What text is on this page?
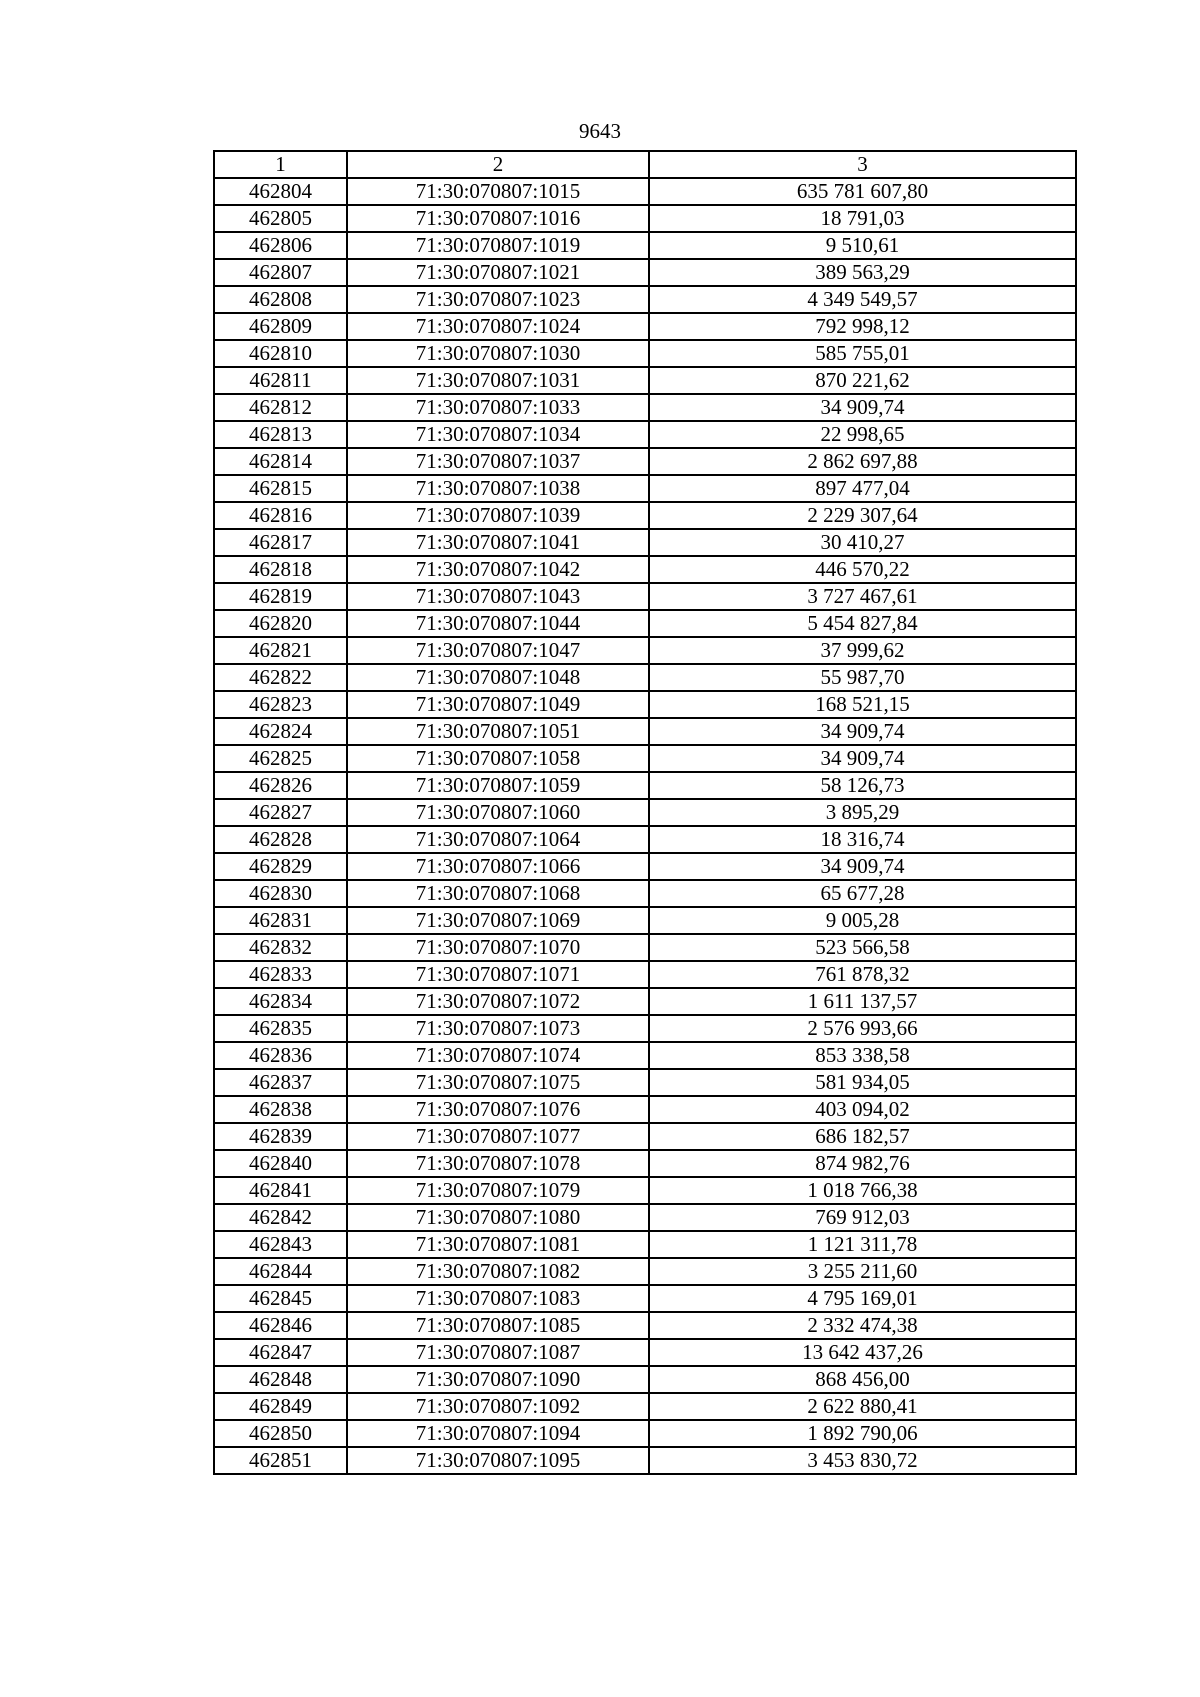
9643
1	2	3
462804	71:30:070807:1015	635 781 607,80
462805	71:30:070807:1016	18 791,03
462806	71:30:070807:1019	9 510,61
462807	71:30:070807:1021	389 563,29
462808	71:30:070807:1023	4 349 549,57
462809	71:30:070807:1024	792 998,12
462810	71:30:070807:1030	585 755,01
462811	71:30:070807:1031	870 221,62
462812	71:30:070807:1033	34 909,74
462813	71:30:070807:1034	22 998,65
462814	71:30:070807:1037	2 862 697,88
462815	71:30:070807:1038	897 477,04
462816	71:30:070807:1039	2 229 307,64
462817	71:30:070807:1041	30 410,27
462818	71:30:070807:1042	446 570,22
462819	71:30:070807:1043	3 727 467,61
462820	71:30:070807:1044	5 454 827,84
462821	71:30:070807:1047	37 999,62
462822	71:30:070807:1048	55 987,70
462823	71:30:070807:1049	168 521,15
462824	71:30:070807:1051	34 909,74
462825	71:30:070807:1058	34 909,74
462826	71:30:070807:1059	58 126,73
462827	71:30:070807:1060	3 895,29
462828	71:30:070807:1064	18 316,74
462829	71:30:070807:1066	34 909,74
462830	71:30:070807:1068	65 677,28
462831	71:30:070807:1069	9 005,28
462832	71:30:070807:1070	523 566,58
462833	71:30:070807:1071	761 878,32
462834	71:30:070807:1072	1 611 137,57
462835	71:30:070807:1073	2 576 993,66
462836	71:30:070807:1074	853 338,58
462837	71:30:070807:1075	581 934,05
462838	71:30:070807:1076	403 094,02
462839	71:30:070807:1077	686 182,57
462840	71:30:070807:1078	874 982,76
462841	71:30:070807:1079	1 018 766,38
462842	71:30:070807:1080	769 912,03
462843	71:30:070807:1081	1 121 311,78
462844	71:30:070807:1082	3 255 211,60
462845	71:30:070807:1083	4 795 169,01
462846	71:30:070807:1085	2 332 474,38
462847	71:30:070807:1087	13 642 437,26
462848	71:30:070807:1090	868 456,00
462849	71:30:070807:1092	2 622 880,41
462850	71:30:070807:1094	1 892 790,06
462851	71:30:070807:1095	3 453 830,72
